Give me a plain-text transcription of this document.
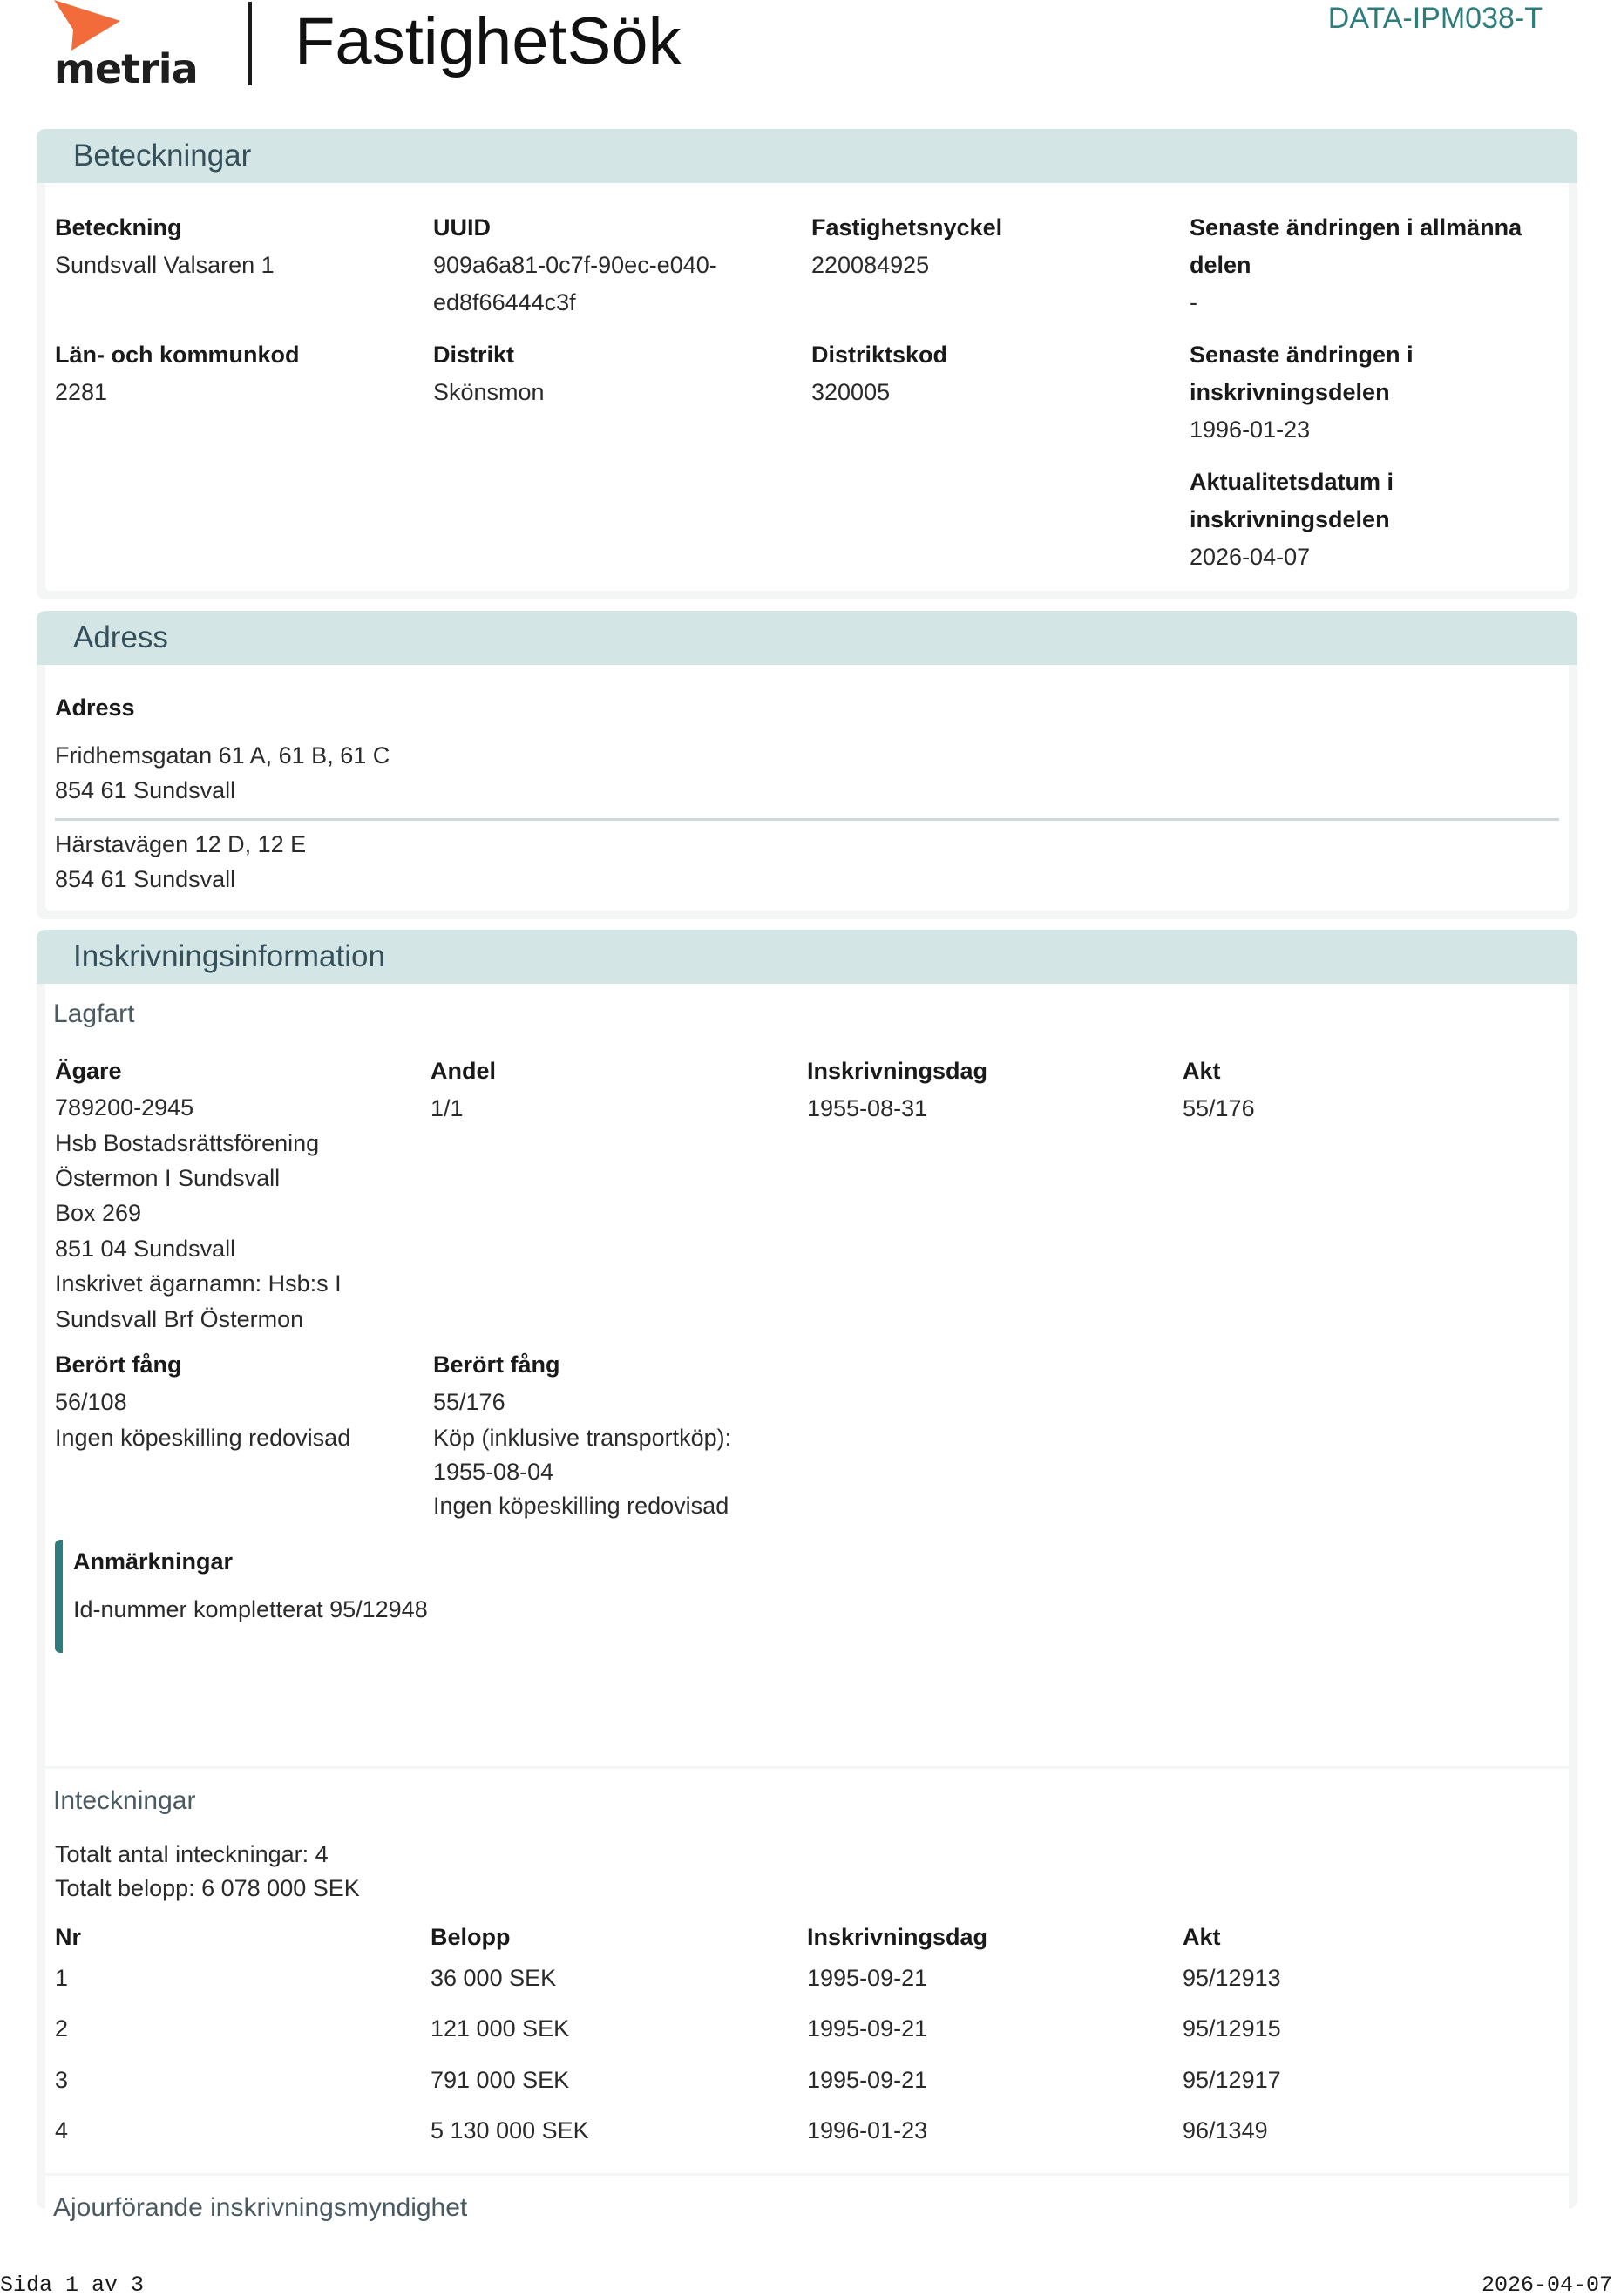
metria FastighetSök	DATA-IPM038-T
Beteckningar
Beteckning
Sundsvall Valsaren 1
UUID
909a6a81-0c7f-90ec-e040-
ed8f66444c3f
Fastighetsnyckel
220084925
Senaste ändringen i allmänna
delen
-
Län- och kommunkod
2281
Distrikt
Skönsmon
Distriktskod
320005
Senaste ändringen i
inskrivningsdelen
1996-01-23
Aktualitetsdatum i
inskrivningsdelen
2026-04-07
Adress
Adress
Fridhemsgatan 61 A, 61 B, 61 C
854 61 Sundsvall
Härstavägen 12 D, 12 E
854 61 Sundsvall
Inskrivningsinformation
Lagfart
Ägare
789200-2945
Hsb Bostadsrättsförening
Östermon I Sundsvall
Box 269
851 04 Sundsvall
Inskrivet ägarnamn: Hsb:s I
Sundsvall Brf Östermon
Andel
1/1
Inskrivningsdag
1955-08-31
Akt
55/176
Berört fång
56/108
Ingen köpeskilling redovisad
Berört fång
55/176
Köp (inklusive transportköp):
1955-08-04
Ingen köpeskilling redovisad
Anmärkningar
Id-nummer kompletterat 95/12948
Inteckningar
Totalt antal inteckningar: 4
Totalt belopp: 6 078 000 SEK
Nr	Belopp	Inskrivningsdag	Akt
1	36 000 SEK	1995-09-21	95/12913
2	121 000 SEK	1995-09-21	95/12915
3	791 000 SEK	1995-09-21	95/12917
4	5 130 000 SEK	1996-01-23	96/1349
Ajourförande inskrivningsmyndighet
Sida 1 av 3	2026-04-07
